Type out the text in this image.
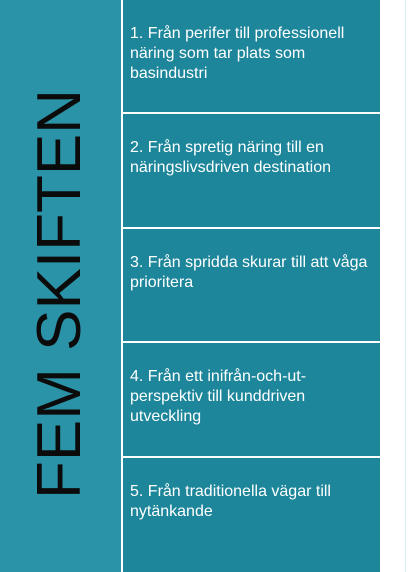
FEM SKIFTEN
1. Från perifer till professionell näring som tar plats som basindustri
2. Från spretig näring till en näringslivsdriven destination
3. Från spridda skurar till att våga prioritera
4. Från ett inifrån-och-ut-perspektiv till kunddriven utveckling
5. Från traditionella vägar till nytänkande
